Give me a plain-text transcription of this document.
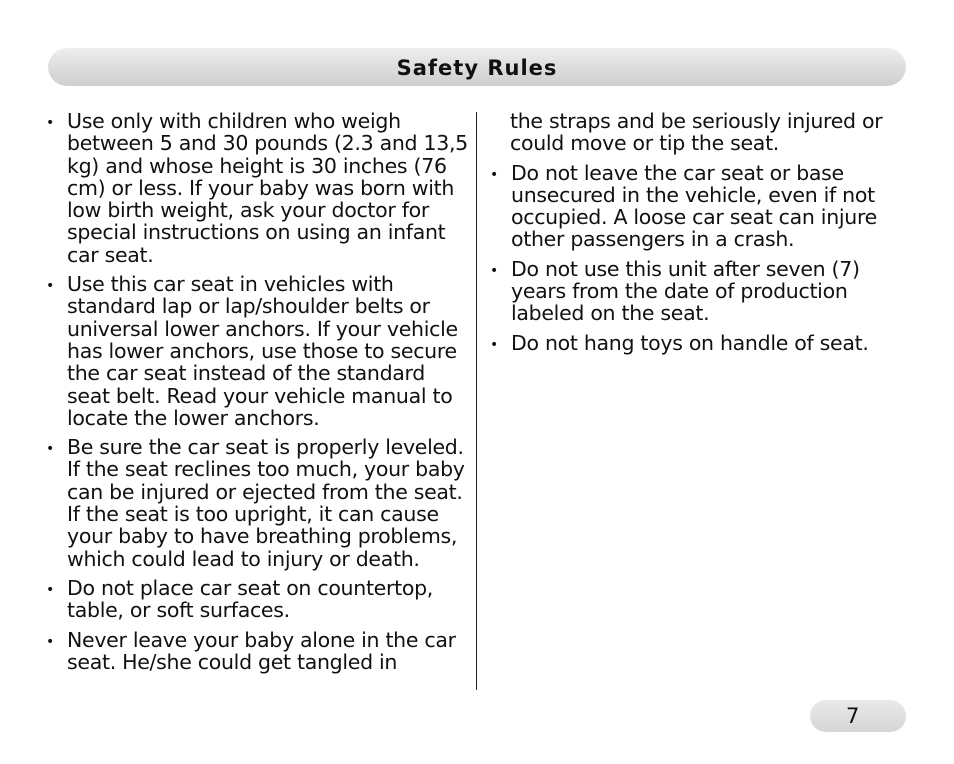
Safety Rules
• Use only with children who weigh between 5 and 30 pounds (2.3 and 13,5 kg) and whose height is 30 inches (76 cm) or less. If your baby was born with low birth weight, ask your doctor for special instructions on using an infant car seat.
• Use this car seat in vehicles with standard lap or lap/shoulder belts or universal lower anchors. If your vehicle has lower anchors, use those to secure the car seat instead of the standard seat belt. Read your vehicle manual to locate the lower anchors.
• Be sure the car seat is properly leveled. If the seat reclines too much, your baby can be injured or ejected from the seat. If the seat is too upright, it can cause your baby to have breathing problems, which could lead to injury or death.
• Do not place car seat on countertop, table, or soft surfaces.
• Never leave your baby alone in the car seat. He/she could get tangled in
the straps and be seriously injured or could move or tip the seat.
• Do not leave the car seat or base unsecured in the vehicle, even if not occupied. A loose car seat can injure other passengers in a crash.
• Do not use this unit after seven (7) years from the date of production labeled on the seat.
• Do not hang toys on handle of seat.
7
